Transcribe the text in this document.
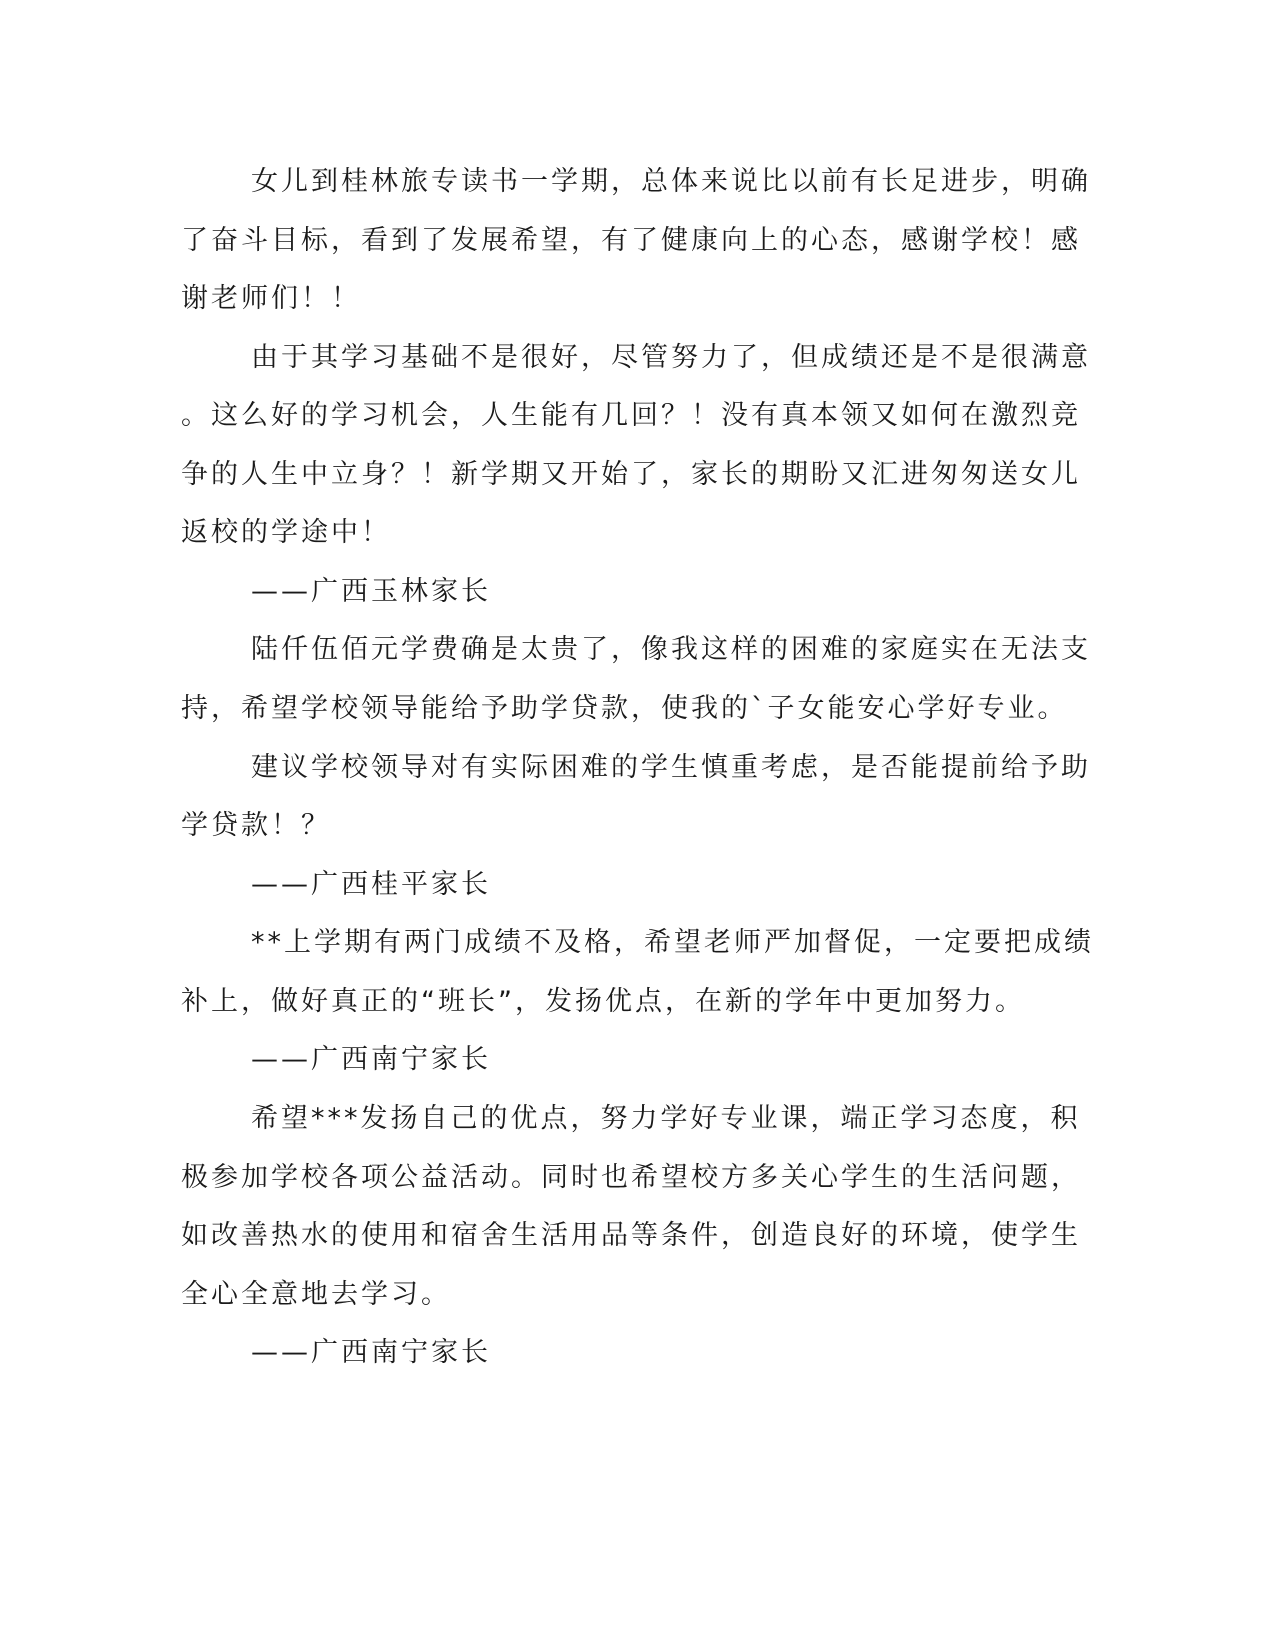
女儿到桂林旅专读书一学期，总体来说比以前有长足进步，明确
了奋斗目标，看到了发展希望，有了健康向上的心态，感谢学校！感
谢老师们！！
由于其学习基础不是很好，尽管努力了，但成绩还是不是很满意
。这么好的学习机会，人生能有几回？！没有真本领又如何在激烈竞
争的人生中立身？！新学期又开始了，家长的期盼又汇进匆匆送女儿
返校的学途中！
——广西玉林家长
陆仟伍佰元学费确是太贵了，像我这样的困难的家庭实在无法支
持，希望学校领导能给予助学贷款，使我的`子女能安心学好专业。
建议学校领导对有实际困难的学生慎重考虑，是否能提前给予助
学贷款！？
——广西桂平家长
**上学期有两门成绩不及格，希望老师严加督促，一定要把成绩
补上，做好真正的“班长”，发扬优点，在新的学年中更加努力。
——广西南宁家长
希望***发扬自己的优点，努力学好专业课，端正学习态度，积
极参加学校各项公益活动。同时也希望校方多关心学生的生活问题，
如改善热水的使用和宿舍生活用品等条件，创造良好的环境，使学生
全心全意地去学习。
——广西南宁家长
